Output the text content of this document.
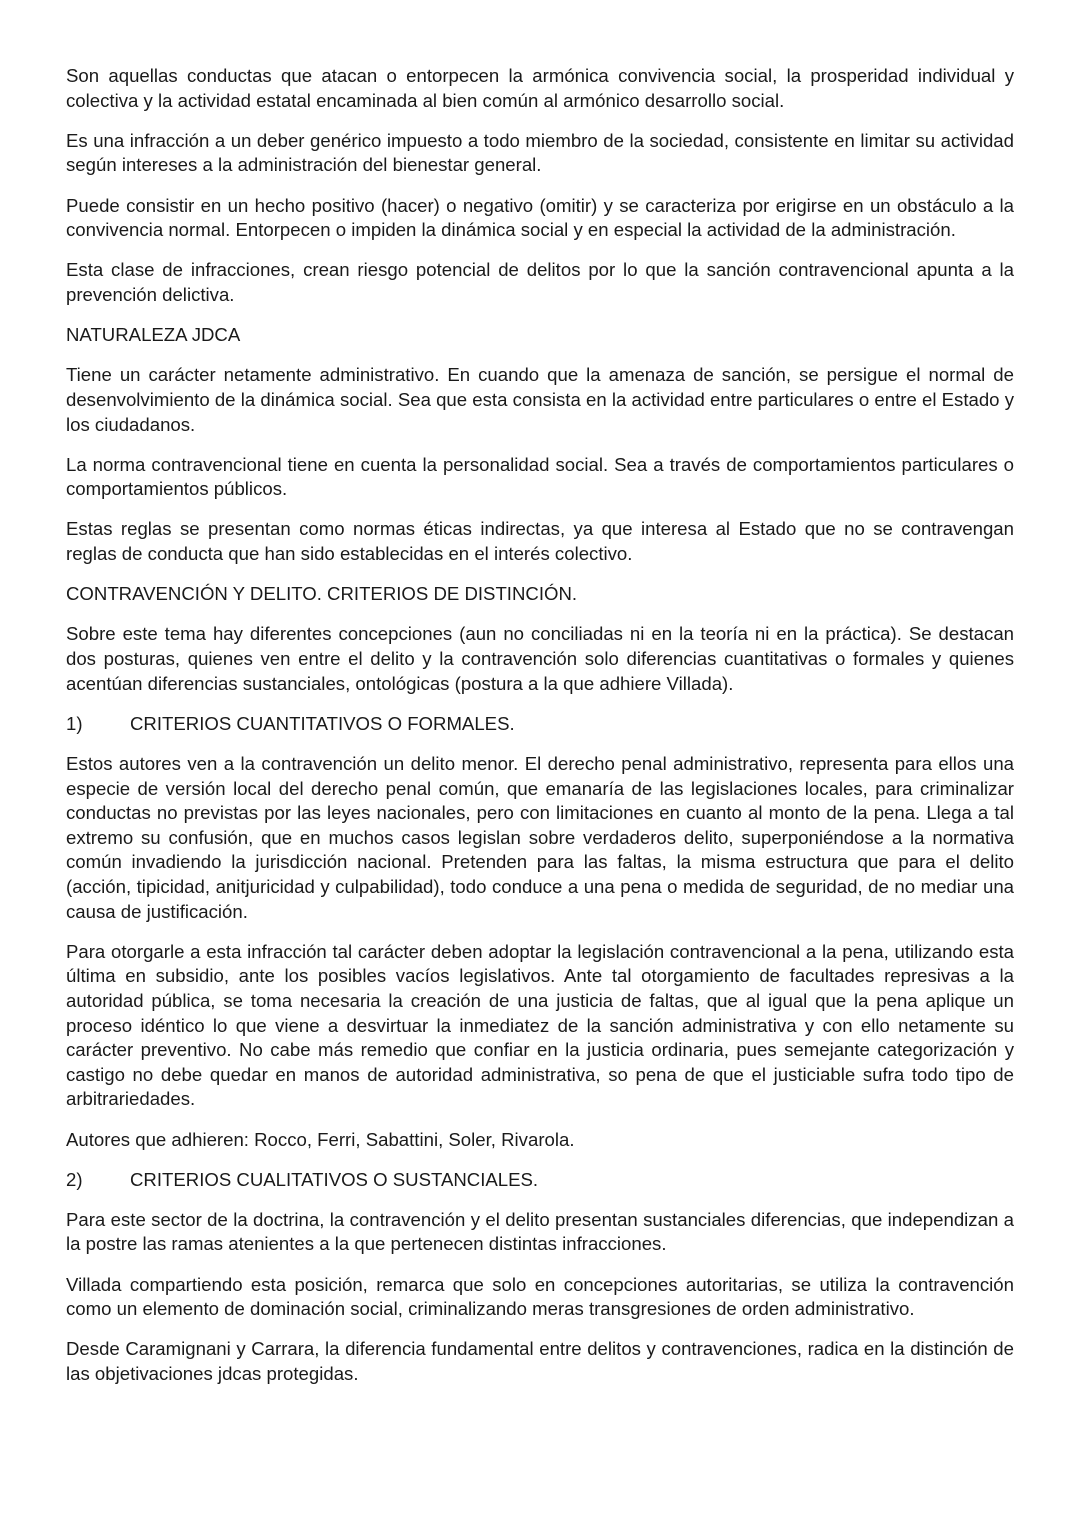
Son aquellas conductas que atacan o entorpecen la armónica convivencia social, la prosperidad individual y colectiva y la actividad estatal encaminada al bien común al armónico desarrollo social.

Es una infracción a un deber genérico impuesto a todo miembro de la sociedad, consistente en limitar su actividad según intereses a la administración del bienestar general.

Puede consistir en un hecho positivo (hacer) o negativo (omitir) y se caracteriza por erigirse en un obstáculo a la convivencia normal. Entorpecen o impiden la dinámica social y en especial la actividad de la administración.

Esta clase de infracciones, crean riesgo potencial de delitos por lo que la sanción contravencional apunta a la prevención delictiva.

NATURALEZA JDCA

Tiene un carácter netamente administrativo. En cuando que la amenaza de sanción, se persigue el normal de desenvolvimiento de la dinámica social. Sea que esta consista en la actividad entre particulares o entre el Estado y los ciudadanos.

La norma contravencional tiene en cuenta la personalidad social. Sea a través de comportamientos particulares o comportamientos públicos.

Estas reglas se presentan como normas éticas indirectas, ya que interesa al Estado que no se contravengan reglas de conducta que han sido establecidas en el interés colectivo.

CONTRAVENCIÓN Y DELITO. CRITERIOS DE DISTINCIÓN.

Sobre este tema hay diferentes concepciones (aun no conciliadas ni en la teoría ni en la práctica). Se destacan dos posturas, quienes ven entre el delito y la contravención solo diferencias cuantitativas o formales y quienes acentúan diferencias sustanciales, ontológicas (postura a la que adhiere Villada).

1)	CRITERIOS CUANTITATIVOS O FORMALES.

Estos autores ven a la contravención un delito menor. El derecho penal administrativo, representa para ellos una especie de versión local del derecho penal común, que emanaría de las legislaciones locales, para criminalizar conductas no previstas por las leyes nacionales, pero con limitaciones en cuanto al monto de la pena. Llega a tal extremo su confusión, que en muchos casos legislan sobre verdaderos delito, superponiéndose a la normativa común invadiendo la jurisdicción nacional. Pretenden para las faltas, la misma estructura que para el delito (acción, tipicidad, anitjuricidad y culpabilidad), todo conduce a una pena o medida de seguridad, de no mediar una causa de justificación.

Para otorgarle a esta infracción tal carácter deben adoptar la legislación contravencional a la pena, utilizando esta última en subsidio, ante los posibles vacíos legislativos. Ante tal otorgamiento de facultades represivas a la autoridad pública, se toma necesaria la creación de una justicia de faltas, que al igual que la pena aplique un proceso idéntico lo que viene a desvirtuar la inmediatez de la sanción administrativa y con ello netamente su carácter preventivo. No cabe más remedio que confiar en la justicia ordinaria, pues semejante categorización y castigo no debe quedar en manos de autoridad administrativa, so pena de que el justiciable sufra todo tipo de arbitrariedades.

Autores que adhieren: Rocco, Ferri, Sabattini, Soler, Rivarola.

2)	CRITERIOS CUALITATIVOS O SUSTANCIALES.

Para este sector de la doctrina, la contravención y el delito presentan sustanciales diferencias, que independizan a la postre las ramas atenientes a la que pertenecen distintas infracciones.

Villada compartiendo esta posición, remarca que solo en concepciones autoritarias, se utiliza la contravención como un elemento de dominación social, criminalizando meras transgresiones de orden administrativo.

Desde Caramignani y Carrara, la diferencia fundamental entre delitos y contravenciones, radica en la distinción de las objetivaciones jdcas protegidas.
